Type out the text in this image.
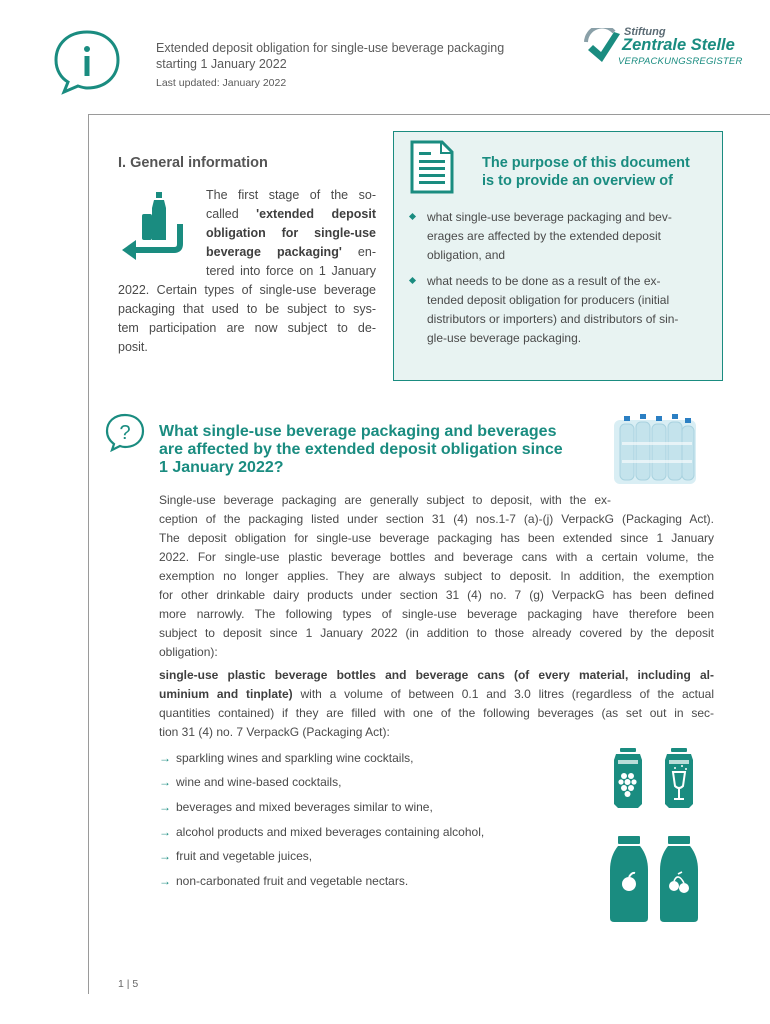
Extended deposit obligation for single-use beverage packaging
starting 1 January 2022
Last updated: January 2022
Stiftung
Zentrale Stelle
VERPACKUNGSREGISTER
I. General information
The first stage of the so-
called 'extended deposit
obligation for single-use
beverage packaging' en-
tered into force on 1 January
2022. Certain types of single-use beverage
packaging that used to be subject to sys-
tem participation are now subject to de-
posit.
The purpose of this document
is to provide an overview of
what single-use beverage packaging and bev-
erages are affected by the extended deposit
obligation, and
what needs to be done as a result of the ex-
tended deposit obligation for producers (initial
distributors or importers) and distributors of sin-
gle-use beverage packaging.
? What single-use beverage packaging and beverages
are affected by the extended deposit obligation since
1 January 2022?
Single-use beverage packaging are generally subject to deposit, with the ex-
ception of the packaging listed under section 31 (4) nos.1-7 (a)-(j) VerpackG (Packaging Act).
The deposit obligation for single-use beverage packaging has been extended since 1 January
2022. For single-use plastic beverage bottles and beverage cans with a certain volume, the
exemption no longer applies. They are always subject to deposit. In addition, the exemption
for other drinkable dairy products under section 31 (4) no. 7 (g) VerpackG has been defined
more narrowly. The following types of single-use beverage packaging have therefore been
subject to deposit since 1 January 2022 (in addition to those already covered by the deposit
obligation):
single-use plastic beverage bottles and beverage cans (of every material, including al-
uminium and tinplate) with a volume of between 0.1 and 3.0 litres (regardless of the actual
quantities contained) if they are filled with one of the following beverages (as set out in sec-
tion 31 (4) no. 7 VerpackG (Packaging Act):
→ sparkling wines and sparkling wine cocktails,
→ wine and wine-based cocktails,
→ beverages and mixed beverages similar to wine,
→ alcohol products and mixed beverages containing alcohol,
→ fruit and vegetable juices,
→ non-carbonated fruit and vegetable nectars.
1 | 5
